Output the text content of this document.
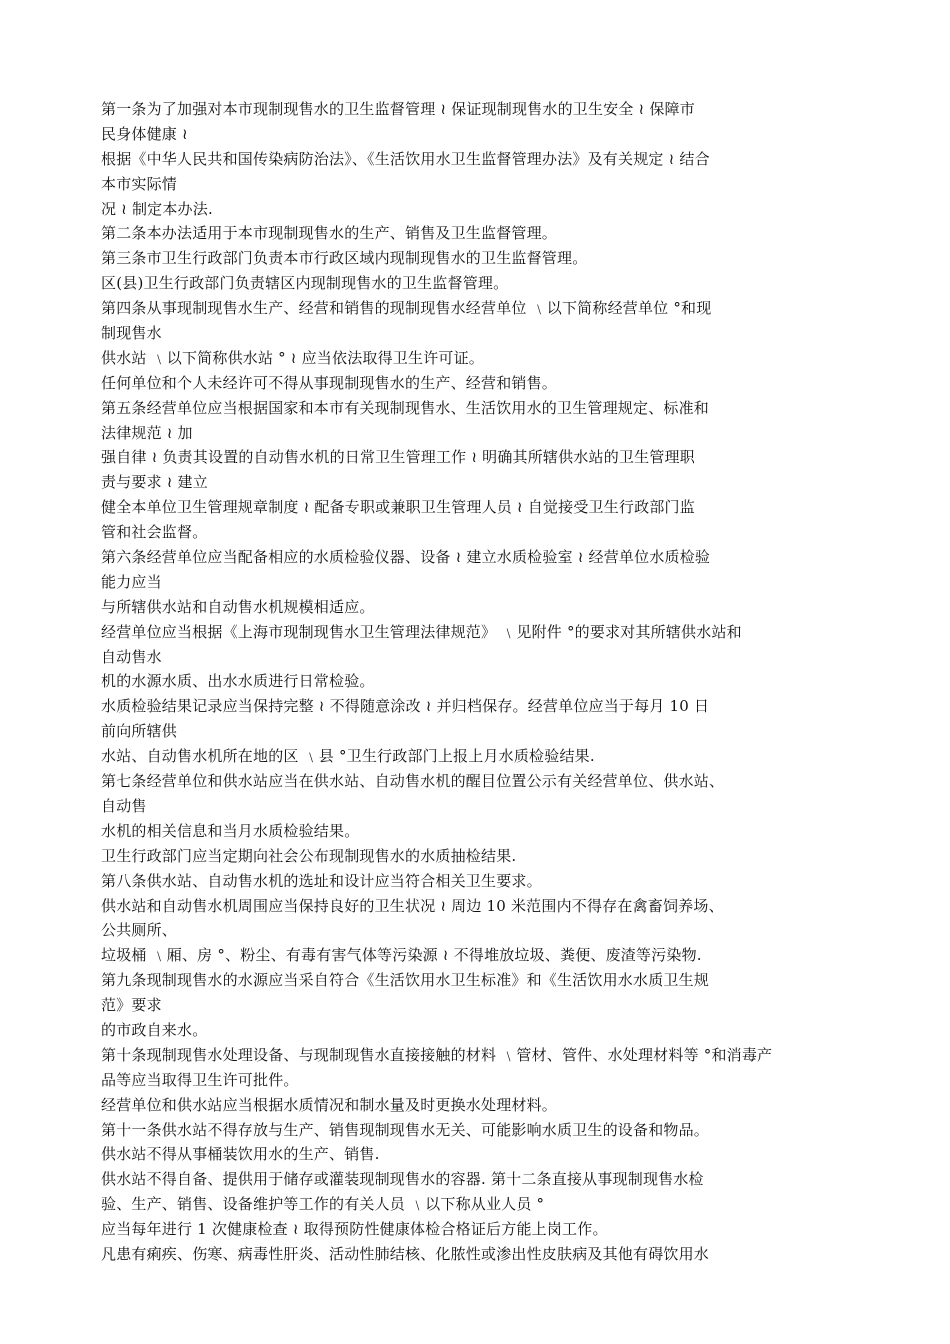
第一条为了加强对本市现制现售水的卫生监督管理 ≀ 保证现制现售水的卫生安全 ≀ 保障市
民身体健康 ≀
根据《中华人民共和国传染病防治法》、《生活饮用水卫生监督管理办法》及有关规定 ≀ 结合
本市实际情
况 ≀ 制定本办法.
第二条本办法适用于本市现制现售水的生产、销售及卫生监督管理。
第三条市卫生行政部门负责本市行政区域内现制现售水的卫生监督管理。
区(县)卫生行政部门负责辖区内现制现售水的卫生监督管理。
第四条从事现制现售水生产、经营和销售的现制现售水经营单位 ﹨以下简称经营单位 °和现
制现售水
供水站 ﹨以下简称供水站 ° ≀ 应当依法取得卫生许可证。
任何单位和个人未经许可不得从事现制现售水的生产、经营和销售。
第五条经营单位应当根据国家和本市有关现制现售水、生活饮用水的卫生管理规定、标准和
法律规范 ≀ 加
强自律 ≀ 负责其设置的自动售水机的日常卫生管理工作 ≀ 明确其所辖供水站的卫生管理职
责与要求 ≀ 建立
健全本单位卫生管理规章制度 ≀ 配备专职或兼职卫生管理人员 ≀ 自觉接受卫生行政部门监
管和社会监督。
第六条经营单位应当配备相应的水质检验仪器、设备 ≀ 建立水质检验室 ≀ 经营单位水质检验
能力应当
与所辖供水站和自动售水机规模相适应。
经营单位应当根据《上海市现制现售水卫生管理法律规范》 ﹨见附件 °的要求对其所辖供水站和
自动售水
机的水源水质、出水水质进行日常检验。
水质检验结果记录应当保持完整 ≀ 不得随意涂改 ≀ 并归档保存。经营单位应当于每月 10 日
前向所辖供
水站、自动售水机所在地的区 ﹨县 °卫生行政部门上报上月水质检验结果.
第七条经营单位和供水站应当在供水站、自动售水机的醒目位置公示有关经营单位、供水站、
自动售
水机的相关信息和当月水质检验结果。
卫生行政部门应当定期向社会公布现制现售水的水质抽检结果.
第八条供水站、自动售水机的选址和设计应当符合相关卫生要求。
供水站和自动售水机周围应当保持良好的卫生状况 ≀ 周边 10 米范围内不得存在禽畜饲养场、
公共厕所、
垃圾桶 ﹨厢、房 °、粉尘、有毒有害气体等污染源 ≀ 不得堆放垃圾、粪便、废渣等污染物.
第九条现制现售水的水源应当采自符合《生活饮用水卫生标准》和《生活饮用水水质卫生规
范》要求
的市政自来水。
第十条现制现售水处理设备、与现制现售水直接接触的材料 ﹨管材、管件、水处理材料等 °和消毒产
品等应当取得卫生许可批件。
经营单位和供水站应当根据水质情况和制水量及时更换水处理材料。
第十一条供水站不得存放与生产、销售现制现售水无关、可能影响水质卫生的设备和物品。
供水站不得从事桶装饮用水的生产、销售.
供水站不得自备、提供用于储存或灌装现制现售水的容器. 第十二条直接从事现制现售水检
验、生产、销售、设备维护等工作的有关人员 ﹨以下称从业人员 °
应当每年进行 1 次健康检查 ≀ 取得预防性健康体检合格证后方能上岗工作。
凡患有痢疾、伤寒、病毒性肝炎、活动性肺结核、化脓性或渗出性皮肤病及其他有碍饮用水
